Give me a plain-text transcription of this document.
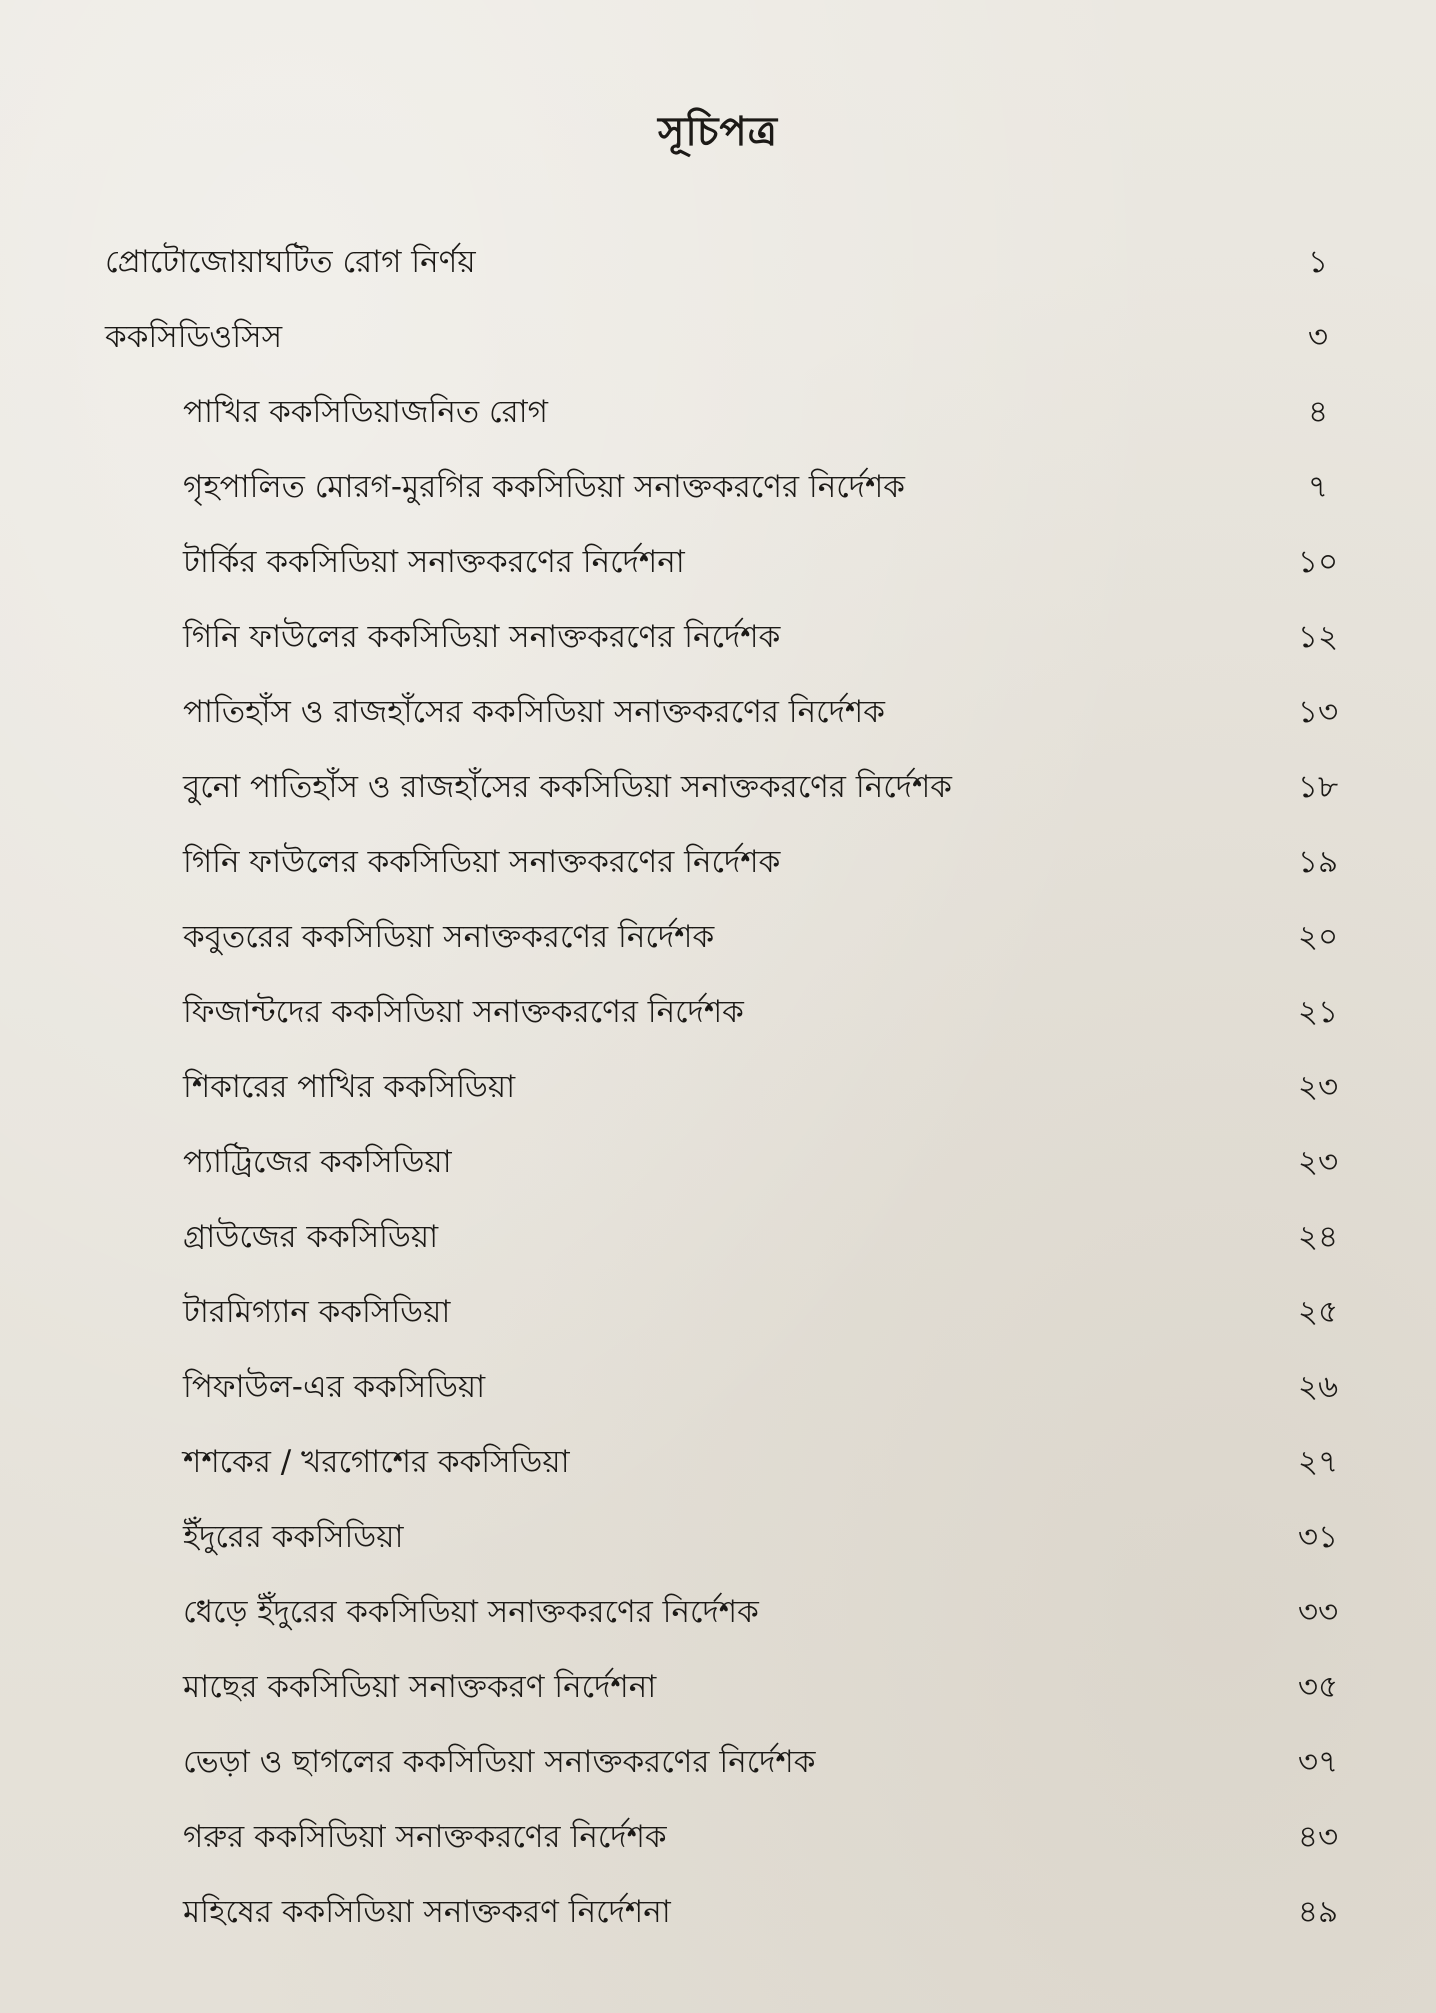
সূচিপত্র
প্রোটোজোয়াঘটিত রোগ নির্ণয়	১
ককসিডিওসিস	৩
পাখির ককসিডিয়াজনিত রোগ	৪
গৃহপালিত মোরগ-মুরগির ককসিডিয়া সনাক্তকরণের নির্দেশক	৭
টার্কির ককসিডিয়া সনাক্তকরণের নির্দেশনা	১০
গিনি ফাউলের ককসিডিয়া সনাক্তকরণের নির্দেশক	১২
পাতিহাঁস ও রাজহাঁসের ককসিডিয়া সনাক্তকরণের নির্দেশক	১৩
বুনো পাতিহাঁস ও রাজহাঁসের ককসিডিয়া সনাক্তকরণের নির্দেশক	১৮
গিনি ফাউলের ককসিডিয়া সনাক্তকরণের নির্দেশক	১৯
কবুতরের ককসিডিয়া সনাক্তকরণের নির্দেশক	২০
ফিজান্টদের ককসিডিয়া সনাক্তকরণের নির্দেশক	২১
শিকারের পাখির ককসিডিয়া	২৩
প্যাট্রিজের ককসিডিয়া	২৩
গ্রাউজের ককসিডিয়া	২৪
টারমিগ্যান ককসিডিয়া	২৫
পিফাউল-এর ককসিডিয়া	২৬
শশকের / খরগোশের ককসিডিয়া	২৭
ইঁদুরের ককসিডিয়া	৩১
ধেড়ে ইঁদুরের ককসিডিয়া সনাক্তকরণের নির্দেশক	৩৩
মাছের ককসিডিয়া সনাক্তকরণ নির্দেশনা	৩৫
ভেড়া ও ছাগলের ককসিডিয়া সনাক্তকরণের নির্দেশক	৩৭
গরুর ককসিডিয়া সনাক্তকরণের নির্দেশক	৪৩
মহিষের ককসিডিয়া সনাক্তকরণ নির্দেশনা	৪৯
